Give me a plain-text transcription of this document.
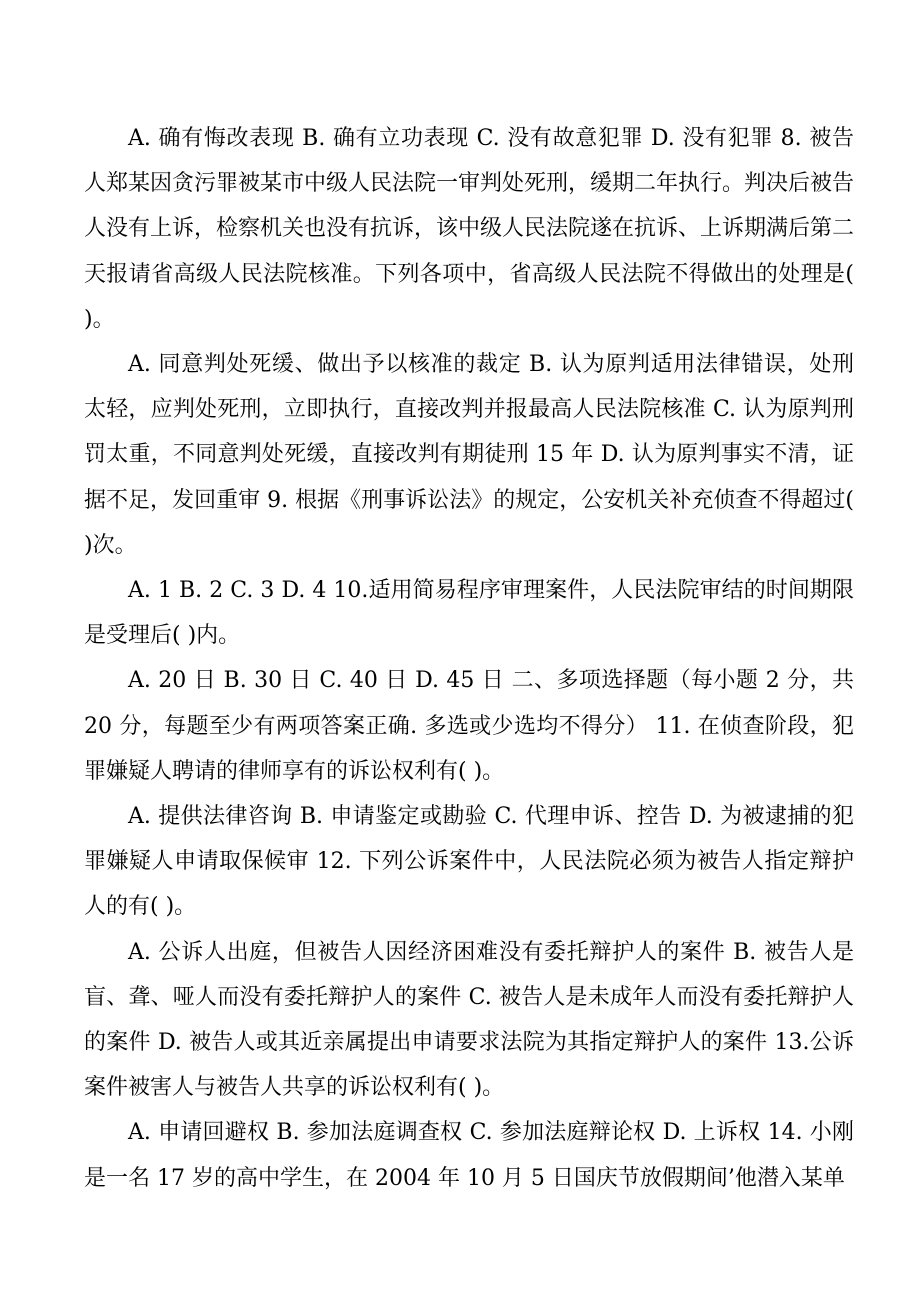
A. 确有悔改表现 B. 确有立功表现 C. 没有故意犯罪 D. 没有犯罪 8. 被告人郑某因贪污罪被某市中级人民法院一审判处死刑，缓期二年执行。判决后被告人没有上诉，检察机关也没有抗诉，该中级人民法院遂在抗诉、上诉期满后第二天报请省高级人民法院核准。下列各项中，省高级人民法院不得做出的处理是( )。

A. 同意判处死缓、做出予以核准的裁定 B. 认为原判适用法律错误，处刑太轻，应判处死刑，立即执行，直接改判并报最高人民法院核准 C. 认为原判刑罚太重，不同意判处死缓，直接改判有期徒刑 15 年 D. 认为原判事实不清，证据不足，发回重审 9. 根据《刑事诉讼法》的规定，公安机关补充侦查不得超过( )次。

A. 1 B. 2 C. 3 D. 4 10.适用简易程序审理案件，人民法院审结的时间期限是受理后( )内。

A. 20 日 B. 30 日 C. 40 日 D. 45 日 二、多项选择题（每小题 2 分，共 20 分，每题至少有两项答案正确. 多选或少选均不得分） 11. 在侦查阶段，犯罪嫌疑人聘请的律师享有的诉讼权利有( )。

A. 提供法律咨询 B. 申请鉴定或勘验 C. 代理申诉、控告 D. 为被逮捕的犯罪嫌疑人申请取保候审 12. 下列公诉案件中，人民法院必须为被告人指定辩护人的有( )。

A. 公诉人出庭，但被告人因经济困难没有委托辩护人的案件 B. 被告人是盲、聋、哑人而没有委托辩护人的案件 C. 被告人是未成年人而没有委托辩护人的案件 D. 被告人或其近亲属提出申请要求法院为其指定辩护人的案件 13.公诉案件被害人与被告人共享的诉讼权利有( )。

A. 申请回避权 B. 参加法庭调查权 C. 参加法庭辩论权 D. 上诉权 14. 小刚是一名 17 岁的高中学生，在 2004 年 10 月 5 日国庆节放假期间’他潜入某单
